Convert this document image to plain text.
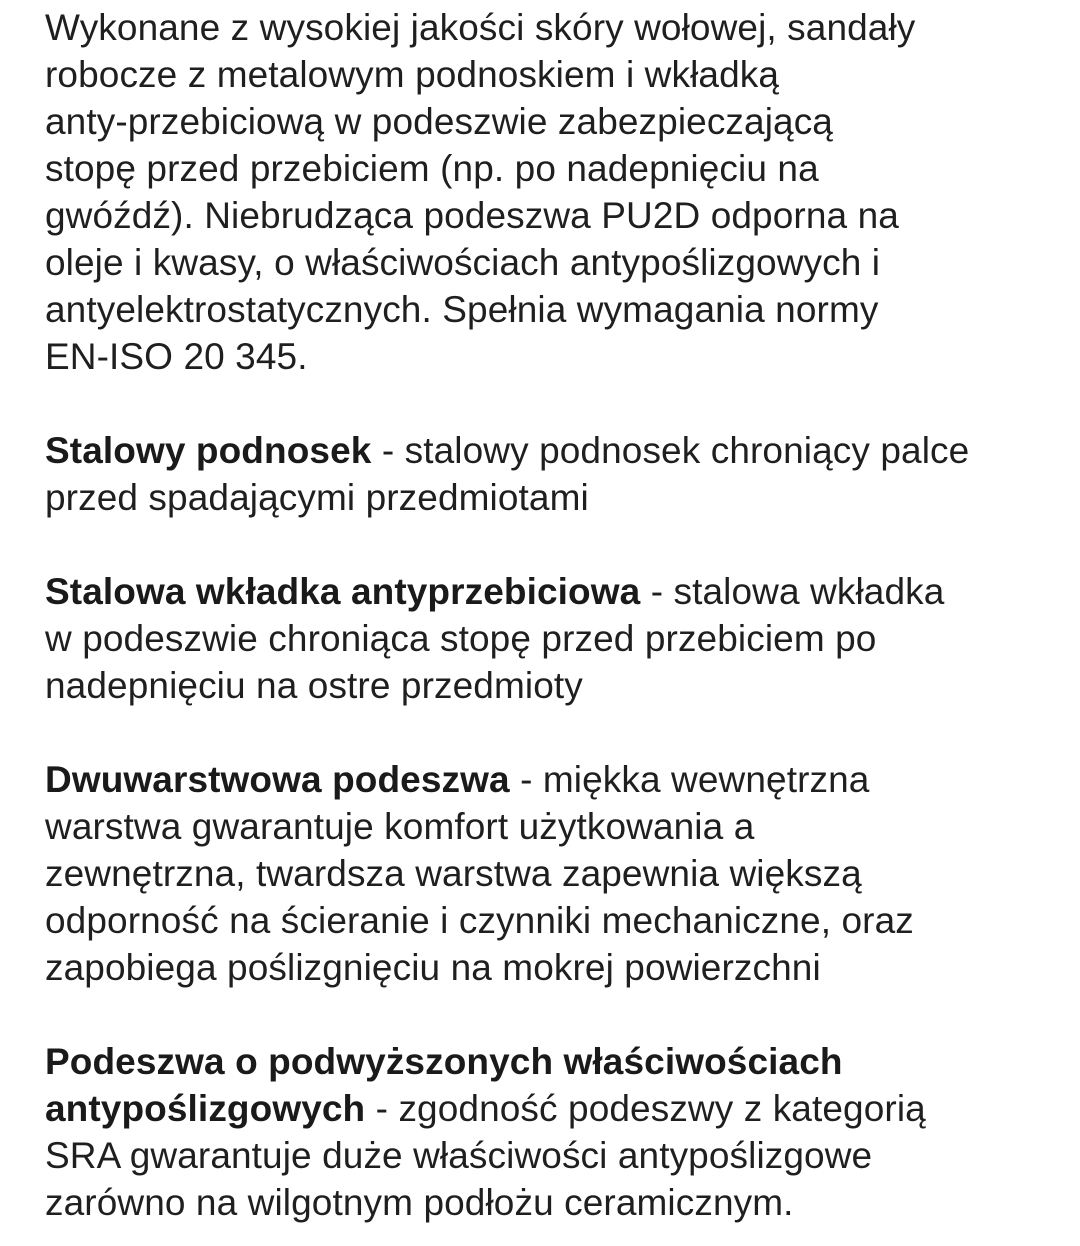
Wykonane z wysokiej jakości skóry wołowej, sandały
robocze z metalowym podnoskiem i wkładką
anty-przebiciową w podeszwie zabezpieczającą
stopę przed przebiciem (np. po nadepnięciu na
gwóźdź). Niebrudząca podeszwa PU2D odporna na
oleje i kwasy, o właściwościach antypoślizgowych i
antyelektrostatycznych. Spełnia wymagania normy
EN-ISO 20 345.
Stalowy podnosek - stalowy podnosek chroniący palce
przed spadającymi przedmiotami
Stalowa wkładka antyprzebiciowa - stalowa wkładka
w podeszwie chroniąca stopę przed przebiciem po
nadepnięciu na ostre przedmioty
Dwuwarstwowa podeszwa - miękka wewnętrzna
warstwa gwarantuje komfort użytkowania a
zewnętrzna, twardsza warstwa zapewnia większą
odporność na ścieranie i czynniki mechaniczne, oraz
zapobiega poślizgnięciu na mokrej powierzchni
Podeszwa o podwyższonych właściwościach
antypoślizgowych - zgodność podeszwy z kategorią
SRA gwarantuje duże właściwości antypoślizgowe
zarówno na wilgotnym podłożu ceramicznym.
